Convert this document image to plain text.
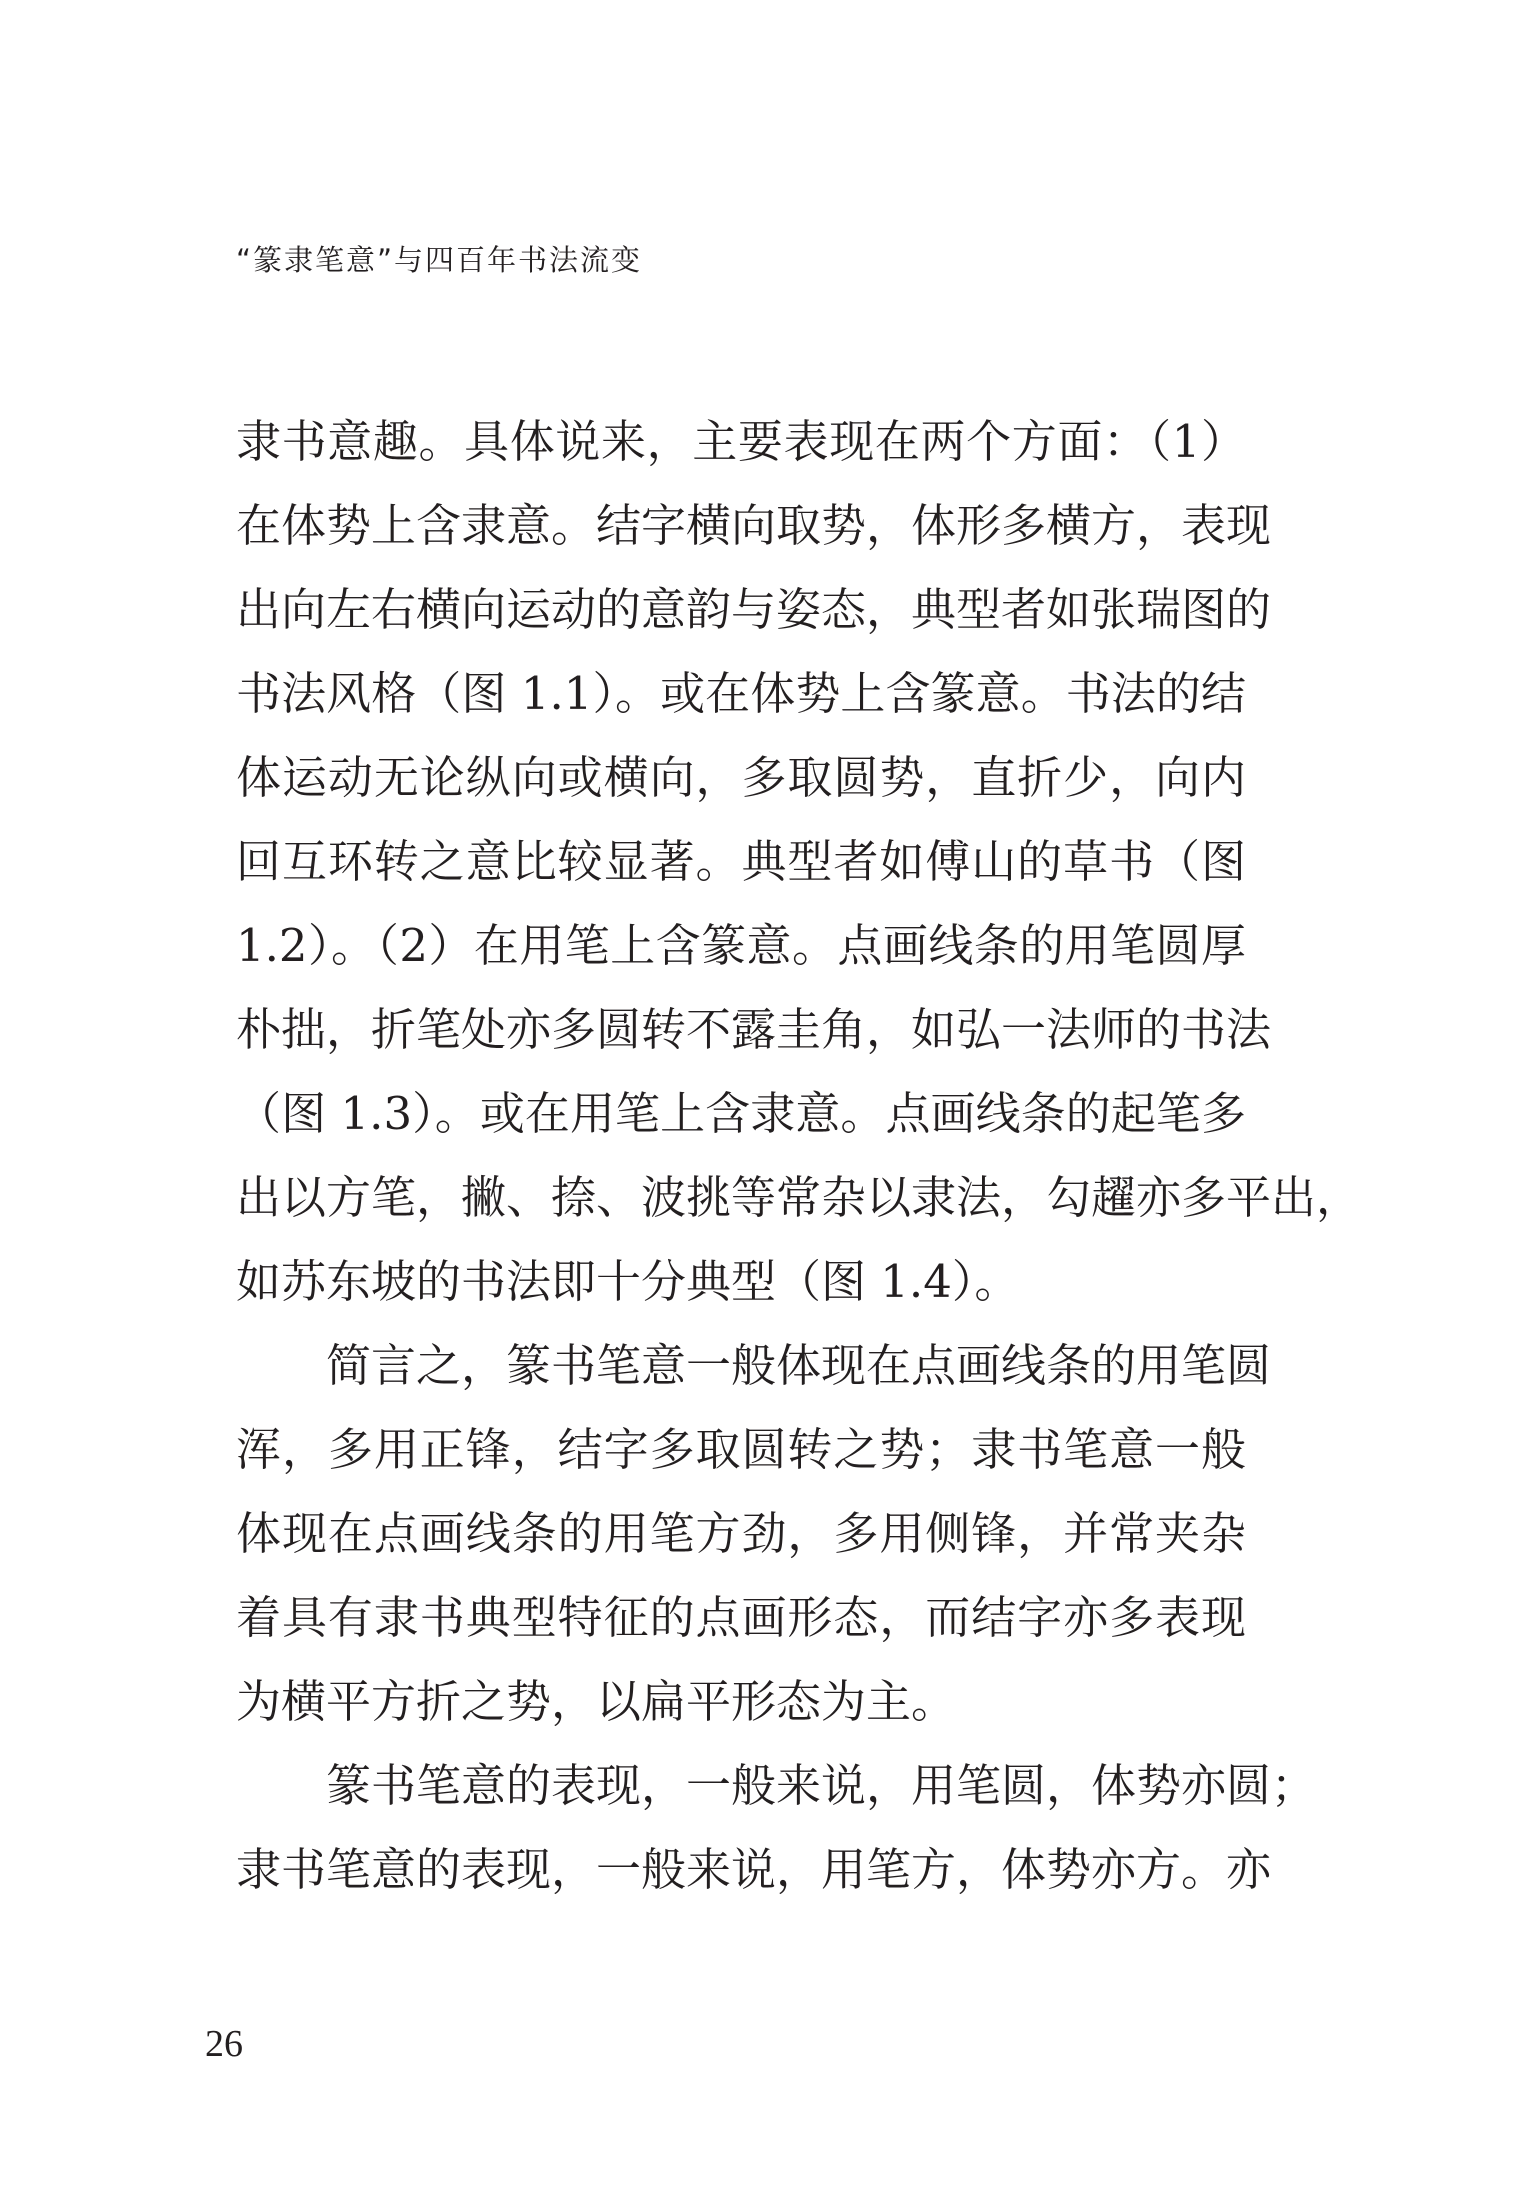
“篆隶笔意”与四百年书法流变
隶书意趣。具体说来，主要表现在两个方面：（1）
在体势上含隶意。结字横向取势，体形多横方，表现
出向左右横向运动的意韵与姿态，典型者如张瑞图的
书法风格（图 1.1）。或在体势上含篆意。书法的结
体运动无论纵向或横向，多取圆势，直折少，向内
回互环转之意比较显著。典型者如傅山的草书（图
1.2）。（2）在用笔上含篆意。点画线条的用笔圆厚
朴拙，折笔处亦多圆转不露圭角，如弘一法师的书法
（图 1.3）。或在用笔上含隶意。点画线条的起笔多
出以方笔，撇、捺、波挑等常杂以隶法，勾趯亦多平出，
如苏东坡的书法即十分典型（图 1.4）。
　　简言之，篆书笔意一般体现在点画线条的用笔圆
浑，多用正锋，结字多取圆转之势；隶书笔意一般
体现在点画线条的用笔方劲，多用侧锋，并常夹杂
着具有隶书典型特征的点画形态，而结字亦多表现
为横平方折之势，以扁平形态为主。
　　篆书笔意的表现，一般来说，用笔圆，体势亦圆；
隶书笔意的表现，一般来说，用笔方，体势亦方。亦
26
